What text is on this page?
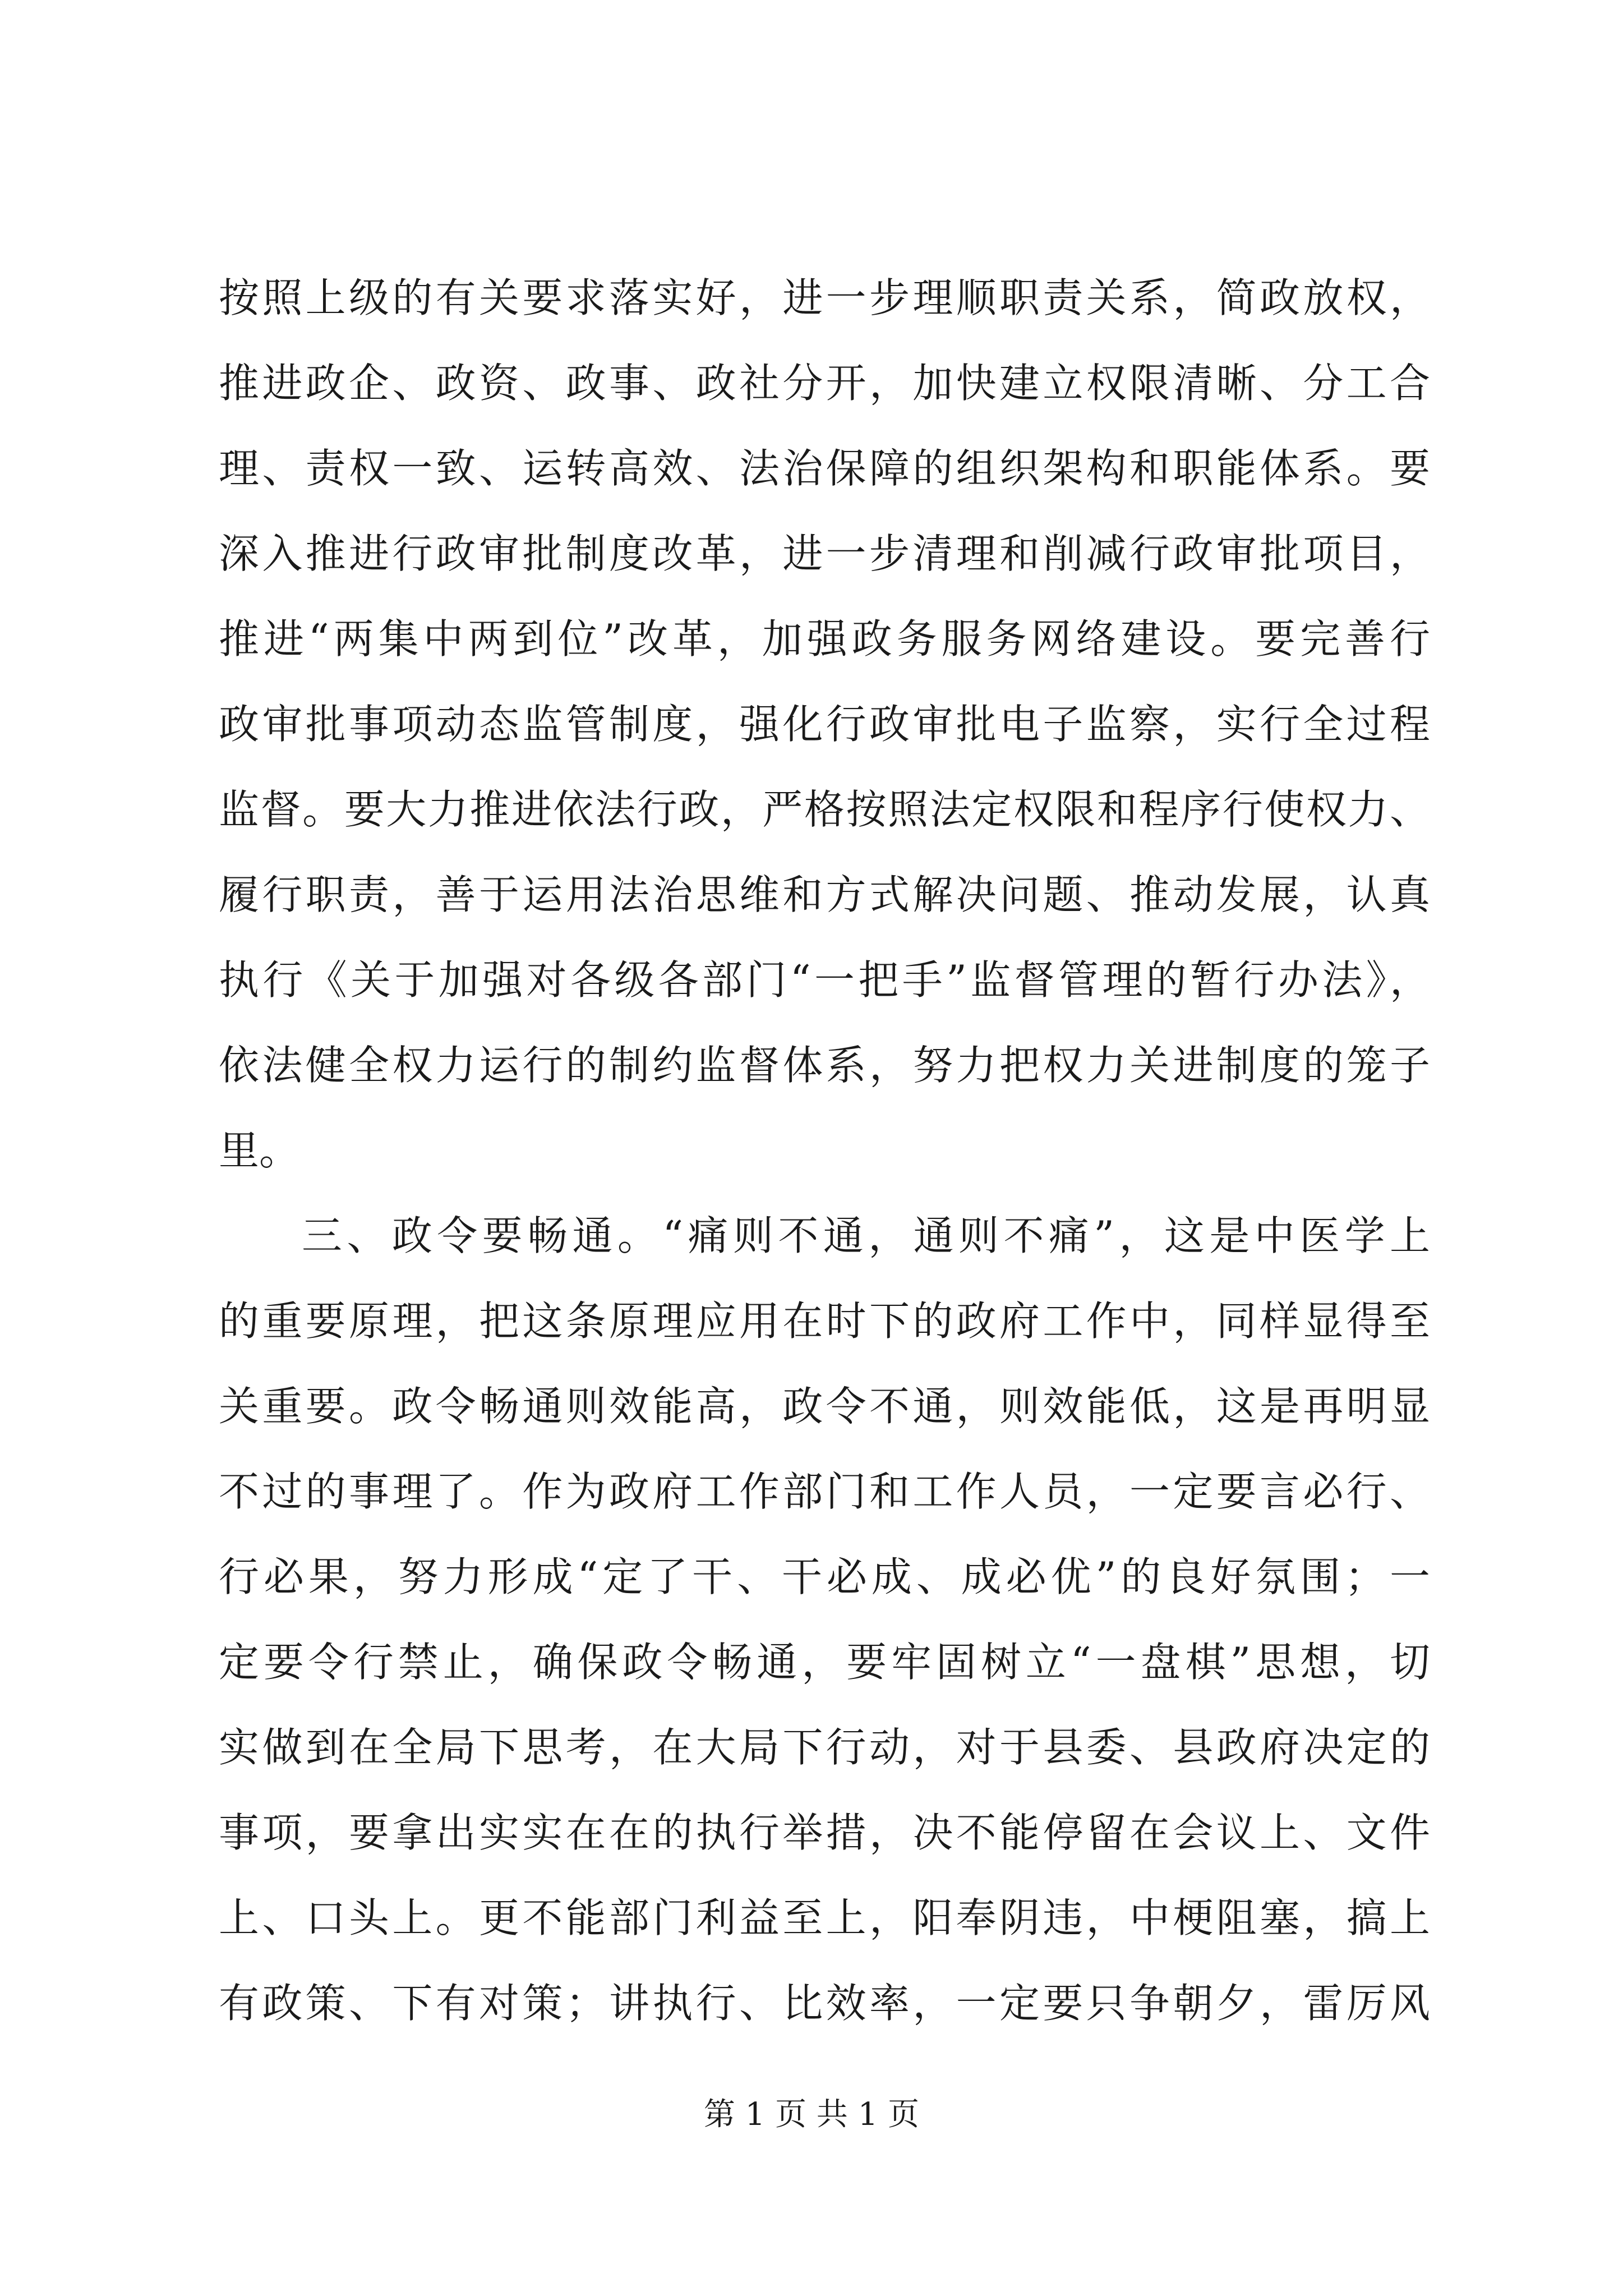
按照上级的有关要求落实好，进一步理顺职责关系，简政放权，
推进政企、政资、政事、政社分开，加快建立权限清晰、分工合
理、责权一致、运转高效、法治保障的组织架构和职能体系。要
深入推进行政审批制度改革，进一步清理和削减行政审批项目，
推进“两集中两到位”改革，加强政务服务网络建设。要完善行
政审批事项动态监管制度，强化行政审批电子监察，实行全过程
监督。要大力推进依法行政，严格按照法定权限和程序行使权力、
履行职责，善于运用法治思维和方式解决问题、推动发展，认真
执行《关于加强对各级各部门“一把手”监督管理的暂行办法》，
依法健全权力运行的制约监督体系，努力把权力关进制度的笼子
里。
三、政令要畅通。“痛则不通，通则不痛”，这是中医学上
的重要原理，把这条原理应用在时下的政府工作中，同样显得至
关重要。政令畅通则效能高，政令不通，则效能低，这是再明显
不过的事理了。作为政府工作部门和工作人员，一定要言必行、
行必果，努力形成“定了干、干必成、成必优”的良好氛围；一
定要令行禁止，确保政令畅通，要牢固树立“一盘棋”思想，切
实做到在全局下思考，在大局下行动，对于县委、县政府决定的
事项，要拿出实实在在的执行举措，决不能停留在会议上、文件
上、口头上。更不能部门利益至上，阳奉阴违，中梗阻塞，搞上
有政策、下有对策；讲执行、比效率，一定要只争朝夕，雷厉风
第 1 页 共 1 页
